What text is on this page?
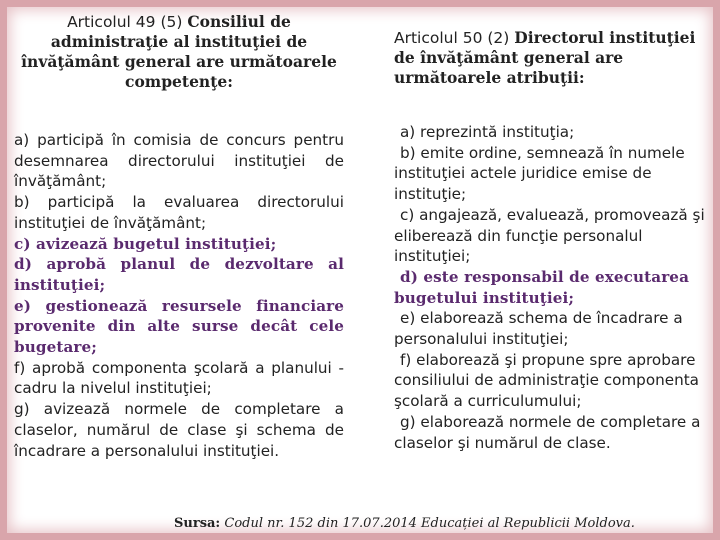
Articolul 49 (5) Consiliul de administraţie al instituţiei de învăţământ general are următoarele competenţe:

a) participă în comisia de concurs pentru desemnarea directorului instituţiei de învăţământ;
b) participă la evaluarea directorului instituţiei de învăţământ;
c) avizează bugetul instituţiei;
d) aprobă planul de dezvoltare al instituţiei;
e) gestionează resursele financiare provenite din alte surse decât cele bugetare;
f) aprobă componenta şcolară a planului -cadru la nivelul instituţiei;
g) avizează normele de completare a claselor, numărul de clase şi schema de încadrare a personalului instituţiei.

Articolul 50 (2) Directorul instituţiei de învăţământ general are următoarele atribuţii:

a) reprezintă instituţia;
b) emite ordine, semnează în numele instituţiei actele juridice emise de instituţie;
c) angajează, evaluează, promovează şi eliberează din funcţie personalul instituţiei;
d) este responsabil de executarea bugetului instituţiei;
e) elaborează schema de încadrare a personalului instituţiei;
f) elaborează şi propune spre aprobare consiliului de administraţie componenta şcolară a curriculumului;
g) elaborează normele de completare a claselor şi numărul de clase.
Sursa: Codul nr. 152 din 17.07.2014 Educației al Republicii Moldova.
